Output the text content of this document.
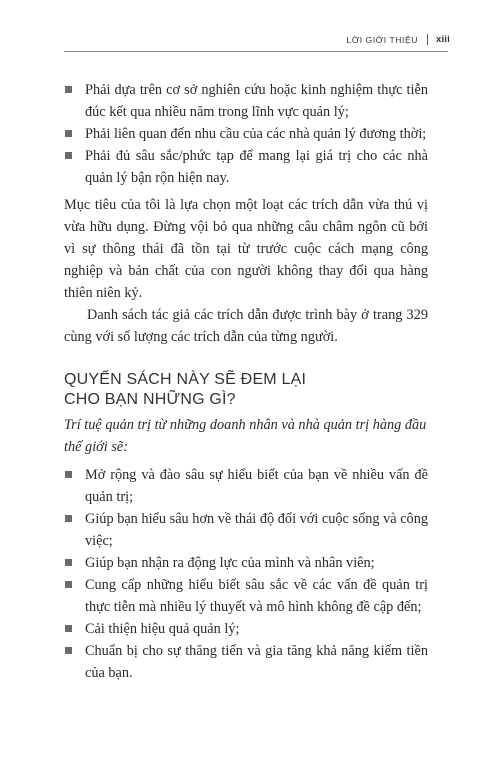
LỜI GIỚI THIỆU xiii
Phải dựa trên cơ sở nghiên cứu hoặc kinh nghiệm thực tiễn đúc kết qua nhiều năm trong lĩnh vực quản lý;
Phải liên quan đến nhu cầu của các nhà quản lý đương thời;
Phải đủ sâu sắc/phức tạp để mang lại giá trị cho các nhà quản lý bận rộn hiện nay.

Mục tiêu của tôi là lựa chọn một loạt các trích dẫn vừa thú vị vừa hữu dụng. Đừng vội bỏ qua những câu châm ngôn cũ bởi vì sự thông thái đã tồn tại từ trước cuộc cách mạng công nghiệp và bản chất của con người không thay đổi qua hàng thiên niên kỷ.

Danh sách tác giả các trích dẫn được trình bày ở trang 329 cùng với số lượng các trích dẫn của từng người.

QUYỂN SÁCH NÀY SẼ ĐEM LẠI
CHO BẠN NHỮNG GÌ?

Trí tuệ quản trị từ những doanh nhân và nhà quản trị hàng đầu thế giới sẽ:

Mở rộng và đào sâu sự hiểu biết của bạn về nhiều vấn đề quản trị;
Giúp bạn hiểu sâu hơn về thái độ đối với cuộc sống và công việc;
Giúp bạn nhận ra động lực của mình và nhân viên;
Cung cấp những hiểu biết sâu sắc về các vấn đề quản trị thực tiễn mà nhiều lý thuyết và mô hình không đề cập đến;
Cải thiện hiệu quả quản lý;
Chuẩn bị cho sự thăng tiến và gia tăng khả năng kiếm tiền của bạn.
